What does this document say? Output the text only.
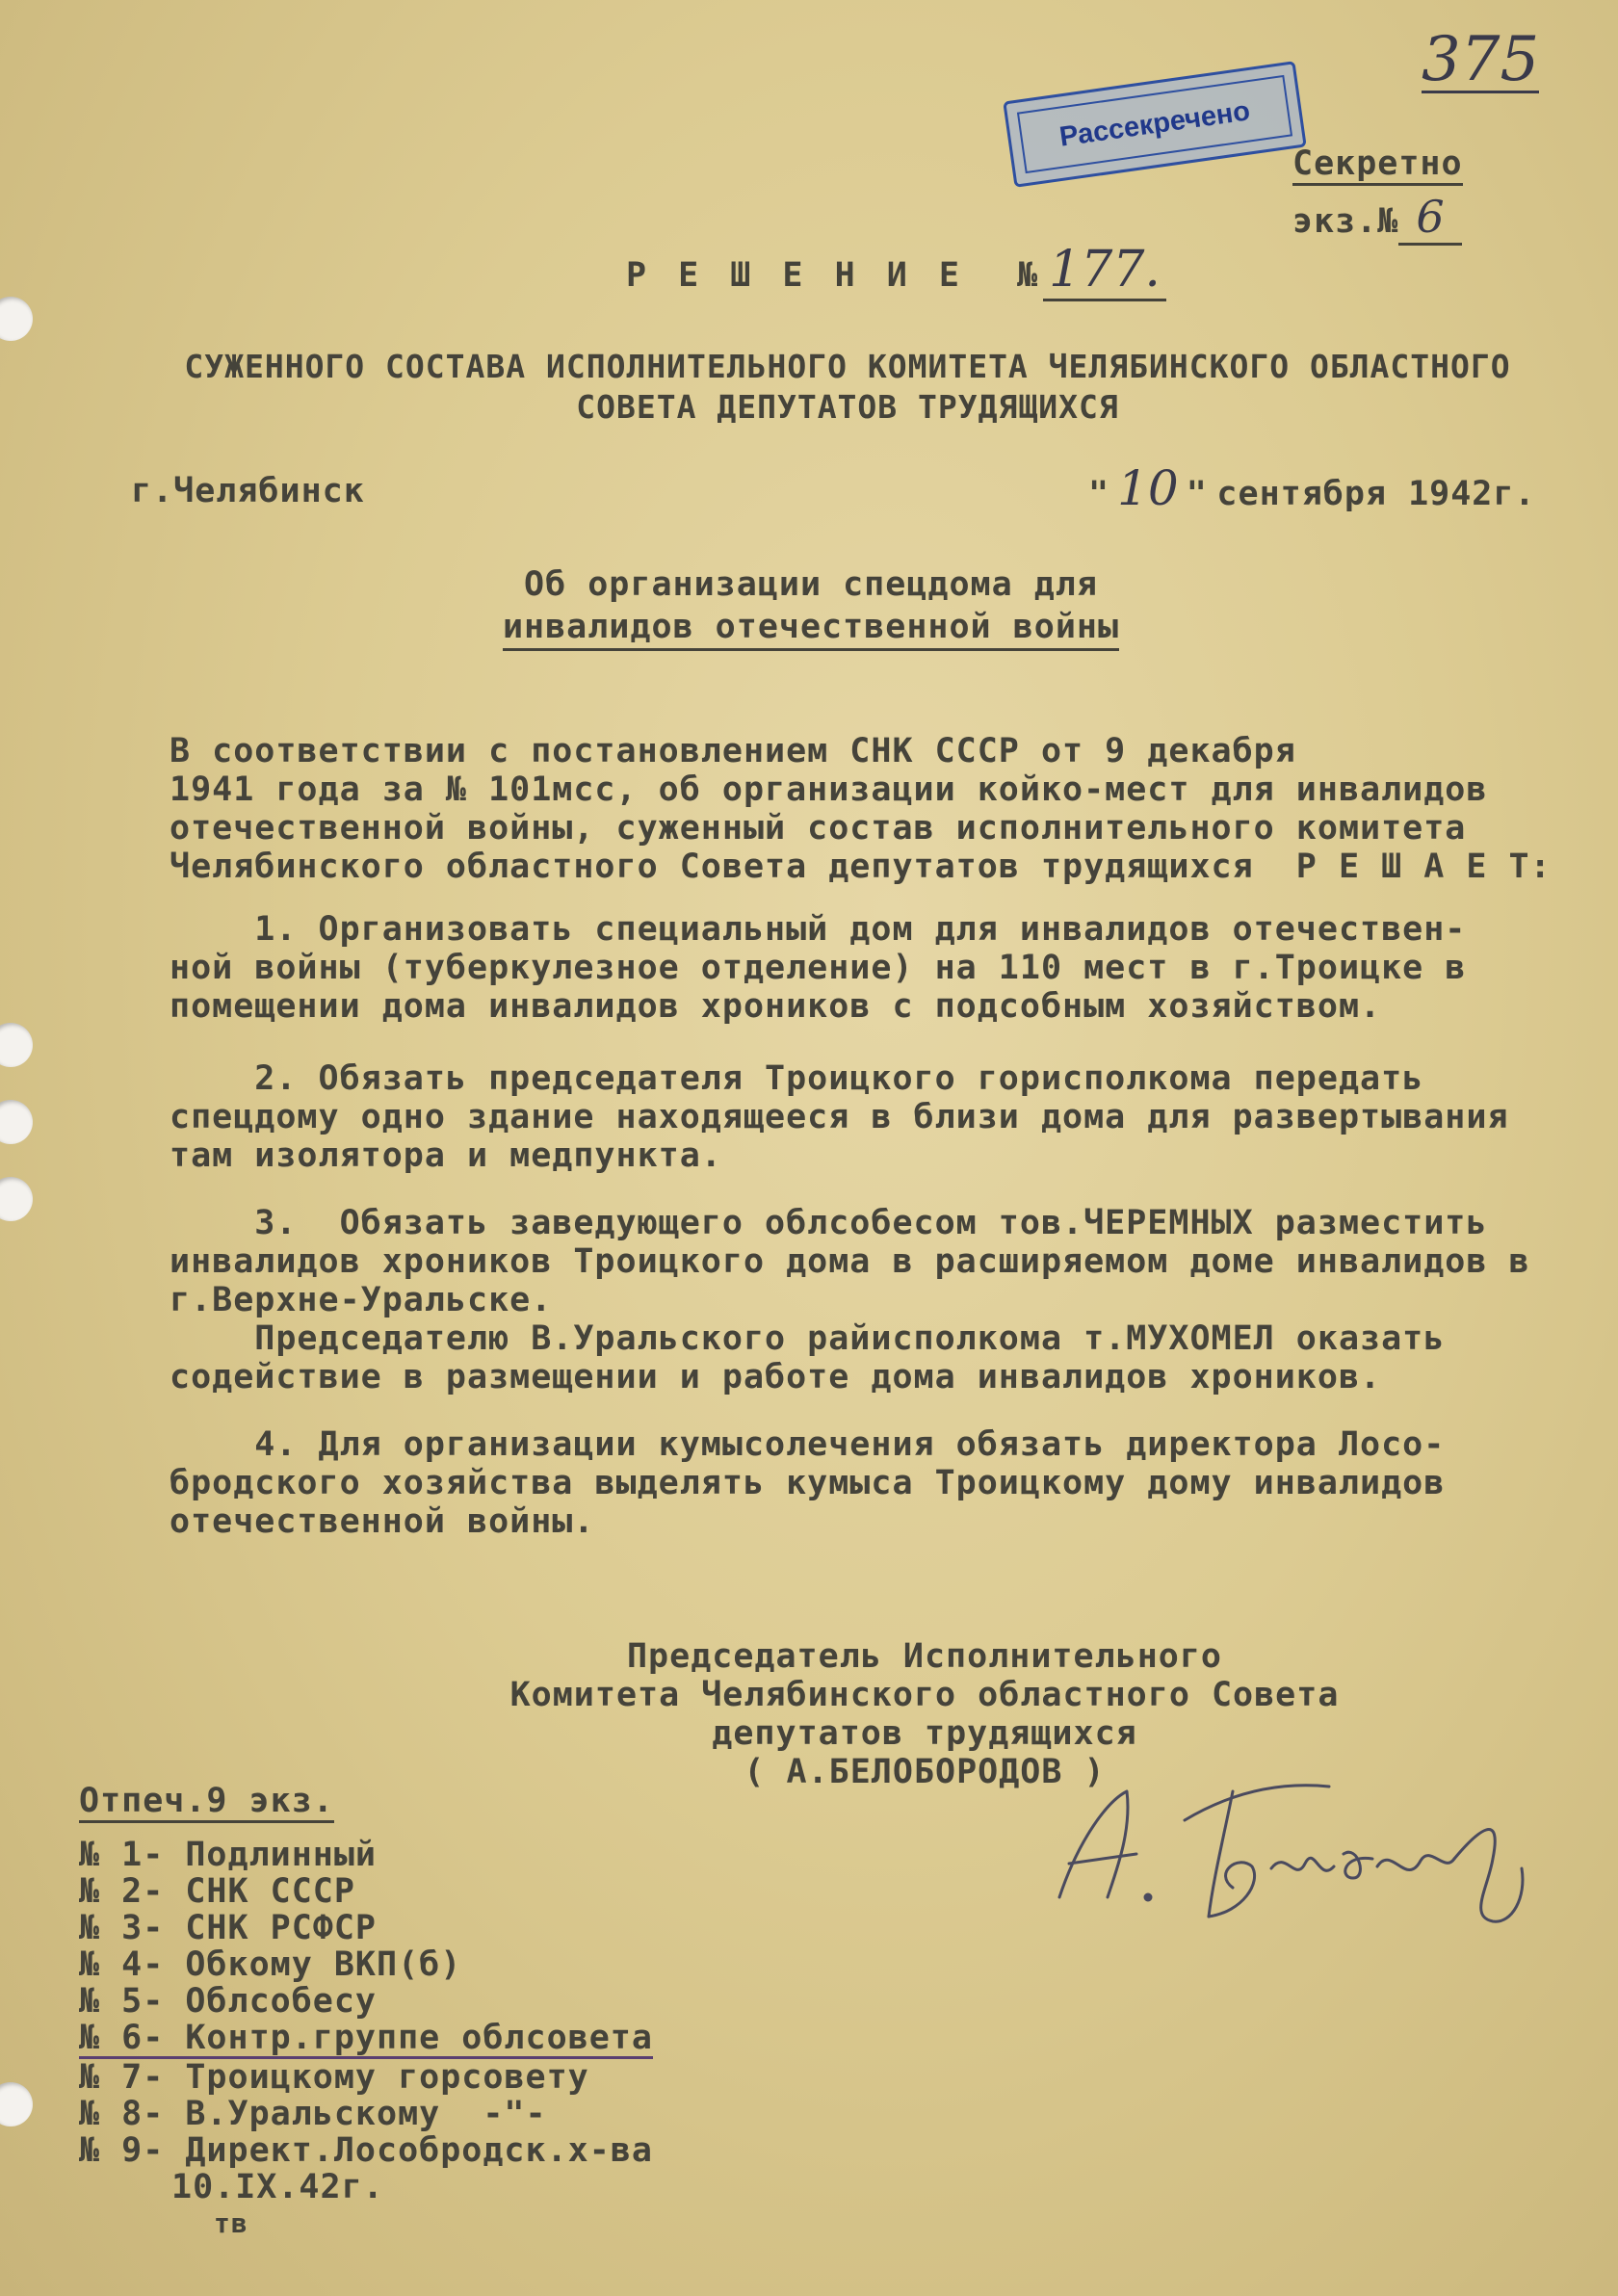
375
Рассекречено
Секретно
экз.№ 6
Р Е Ш Е Н И Е  № 177.
СУЖЕННОГО СОСТАВА ИСПОЛНИТЕЛЬНОГО КОМИТЕТА ЧЕЛЯБИНСКОГО ОБЛАСТНОГО
СОВЕТА ДЕПУТАТОВ ТРУДЯЩИХСЯ
г.Челябинск	" 10 " сентября 1942г.
Об организации спецдома для
инвалидов отечественной войны
В соответствии с постановлением СНК СССР от 9 декабря
1941 года за № 101мсс, об организации койко-мест для инвалидов
отечественной войны, суженный состав исполнительного комитета
Челябинского областного Совета депутатов трудящихся  Р Е Ш А Е Т:
1. Организовать специальный дом для инвалидов отечествен-
ной войны (туберкулезное отделение) на 110 мест в г.Троицке в
помещении дома инвалидов хроников с подсобным хозяйством.
2. Обязать председателя Троицкого горисполкома передать
спецдому одно здание находящееся в близи дома для развертывания
там изолятора и медпункта.
3.  Обязать заведующего облсобесом тов.ЧЕРЕМНЫХ разместить
инвалидов хроников Троицкого дома в расширяемом доме инвалидов в
г.Верхне-Уральске.
Председателю В.Уральского райисполкома т.МУХОМЕЛ оказать
содействие в размещении и работе дома инвалидов хроников.
4. Для организации кумысолечения обязать директора Лосо-
бродского хозяйства выделять кумыса Троицкому дому инвалидов
отечественной войны.
Председатель Исполнительного
Комитета Челябинского областного Совета
депутатов трудящихся
( А.БЕЛОБОРОДОВ )
Отпеч.9 экз.
№ 1- Подлинный
№ 2- СНК СССР
№ 3- СНК РСФСР
№ 4- Обкому ВКП(б)
№ 5- Облсобесу
№ 6- Контр.группе облсовета
№ 7- Троицкому горсовету
№ 8- В.Уральскому  -"-
№ 9- Директ.Лособродск.х-ва
10.IX.42г.
тв
